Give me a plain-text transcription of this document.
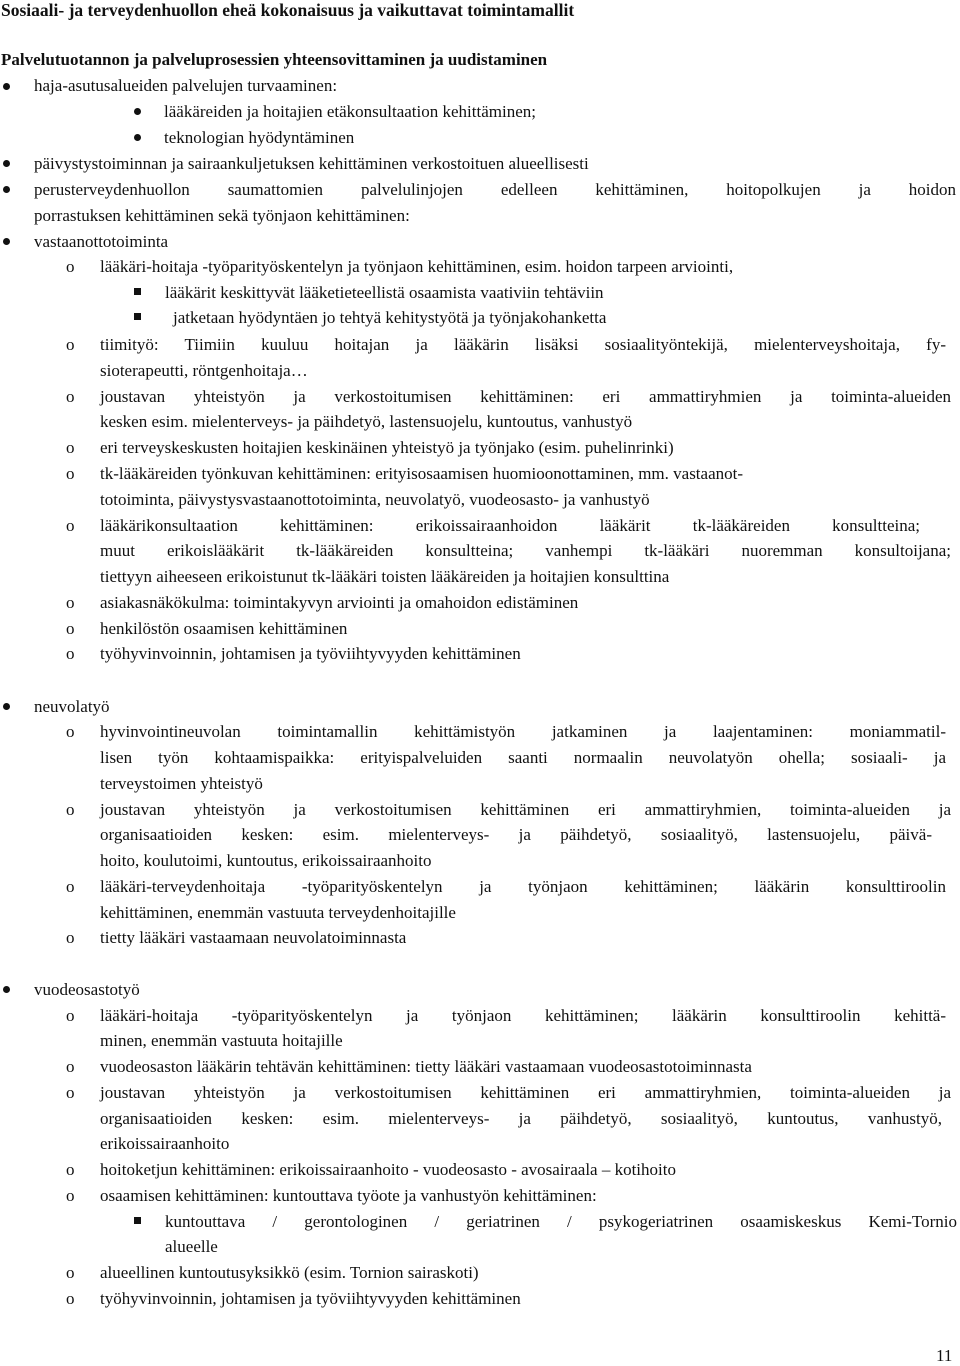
Sosiaali- ja terveydenhuollon eheä kokonaisuus ja vaikuttavat toimintamallit
Palvelutuotannon ja palveluprosessien yhteensovittaminen ja uudistaminen
haja-asutusalueiden palvelujen turvaaminen:
lääkäreiden ja hoitajien etäkonsultaation kehittäminen;
teknologian hyödyntäminen
päivystystoiminnan ja sairaankuljetuksen kehittäminen verkostoituen alueellisesti
perusterveydenhuollon saumattomien palvelulinjojen edelleen kehittäminen, hoitopolkujen ja hoidon
porrastuksen kehittäminen sekä työnjaon kehittäminen:
vastaanottotoiminta
o lääkäri-hoitaja -työparityöskentelyn ja työnjaon kehittäminen, esim. hoidon tarpeen arviointi,
lääkärit keskittyvät lääketieteellistä osaamista vaativiin tehtäviin
jatketaan hyödyntäen jo tehtyä kehitystyötä ja työnjakohanketta
o tiimityö: Tiimiin kuuluu hoitajan ja lääkärin lisäksi sosiaalityöntekijä, mielenterveyshoitaja, fy-
sioterapeutti, röntgenhoitaja…
o joustavan yhteistyön ja verkostoitumisen kehittäminen: eri ammattiryhmien ja toiminta-alueiden
kesken esim. mielenterveys- ja päihdetyö, lastensuojelu, kuntoutus, vanhustyö
o eri terveyskeskusten hoitajien keskinäinen yhteistyö ja työnjako (esim. puhelinrinki)
o tk-lääkäreiden työnkuvan kehittäminen: erityisosaamisen huomioonottaminen, mm. vastaanot-
totoiminta, päivystysvastaanottotoiminta, neuvolatyö, vuodeosasto- ja vanhustyö
o lääkärikonsultaation kehittäminen: erikoissairaanhoidon lääkärit tk-lääkäreiden konsultteina;
muut erikoislääkärit tk-lääkäreiden konsultteina; vanhempi tk-lääkäri nuoremman konsultoijana;
tiettyyn aiheeseen erikoistunut tk-lääkäri toisten lääkäreiden ja hoitajien konsulttina
o asiakasnäkökulma: toimintakyvyn arviointi ja omahoidon edistäminen
o henkilöstön osaamisen kehittäminen
o työhyvinvoinnin, johtamisen ja työviihtyvyyden kehittäminen
neuvolatyö
o hyvinvointineuvolan toimintamallin kehittämistyön jatkaminen ja laajentaminen: moniammatil-
lisen työn kohtaamispaikka: erityispalveluiden saanti normaalin neuvolatyön ohella; sosiaali- ja
terveystoimen yhteistyö
o joustavan yhteistyön ja verkostoitumisen kehittäminen eri ammattiryhmien, toiminta-alueiden ja
organisaatioiden kesken: esim. mielenterveys- ja päihdetyö, sosiaalityö, lastensuojelu, päivä-
hoito, koulutoimi, kuntoutus, erikoissairaanhoito
o lääkäri-terveydenhoitaja -työparityöskentelyn ja työnjaon kehittäminen; lääkärin konsulttiroolin
kehittäminen, enemmän vastuuta terveydenhoitajille
o tietty lääkäri vastaamaan neuvolatoiminnasta
vuodeosastotyö
o lääkäri-hoitaja -työparityöskentelyn ja työnjaon kehittäminen; lääkärin konsulttiroolin kehittä-
minen, enemmän vastuuta hoitajille
o vuodeosaston lääkärin tehtävän kehittäminen: tietty lääkäri vastaamaan vuodeosastotoiminnasta
o joustavan yhteistyön ja verkostoitumisen kehittäminen eri ammattiryhmien, toiminta-alueiden ja
organisaatioiden kesken: esim. mielenterveys- ja päihdetyö, sosiaalityö, kuntoutus, vanhustyö,
erikoissairaanhoito
o hoitoketjun kehittäminen: erikoissairaanhoito - vuodeosasto - avosairaala – kotihoito
o osaamisen kehittäminen: kuntouttava työote ja vanhustyön kehittäminen:
kuntouttava / gerontologinen / geriatrinen / psykogeriatrinen osaamiskeskus Kemi-Tornio
alueelle
o alueellinen kuntoutusyksikkö (esim. Tornion sairaskoti)
o työhyvinvoinnin, johtamisen ja työviihtyvyyden kehittäminen
11
